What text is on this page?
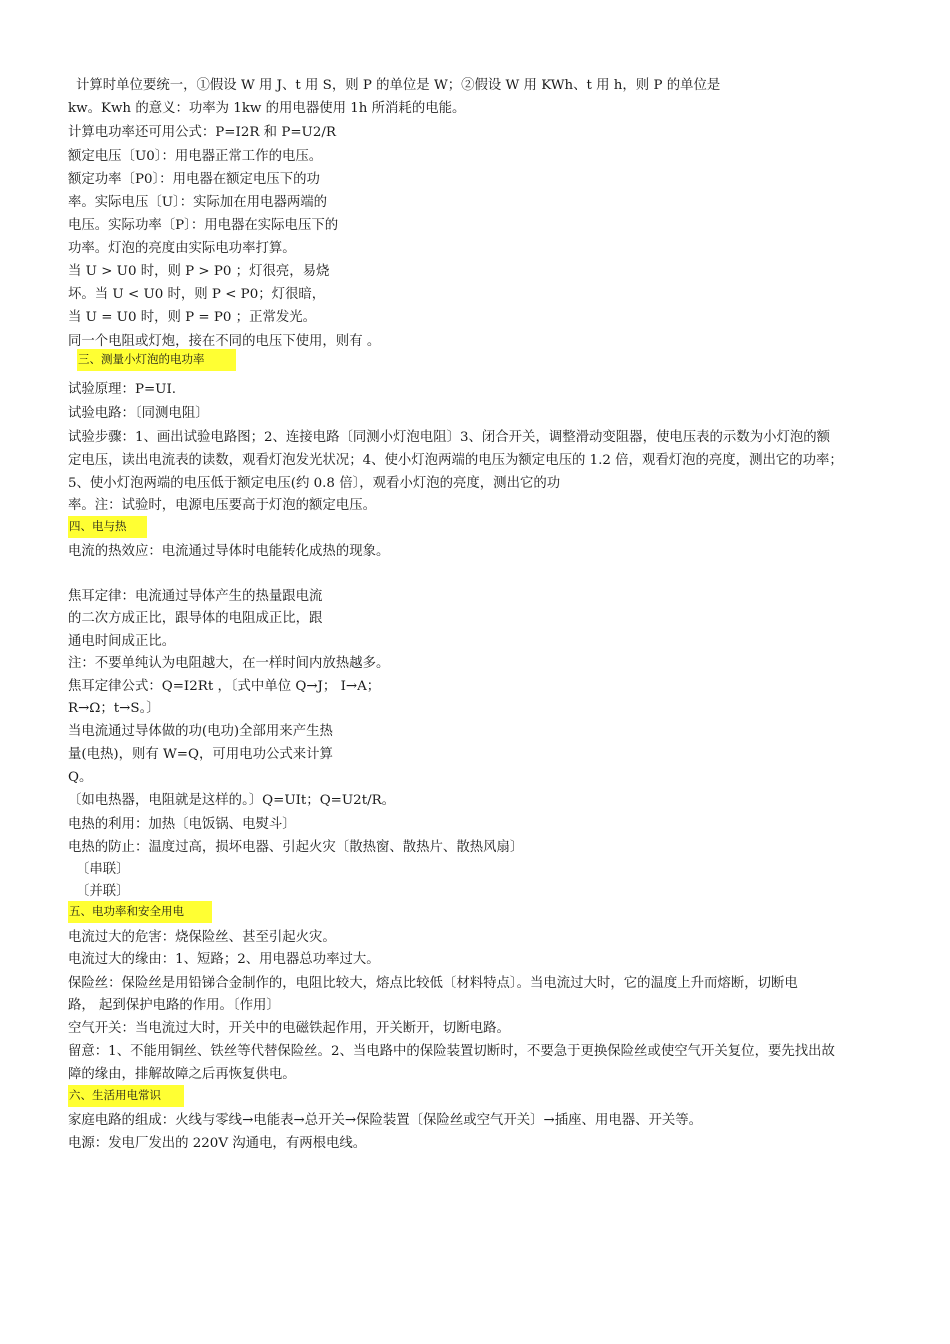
计算时单位要统一，①假设 W 用 J、t 用 S，则 P 的单位是 W；②假设 W 用 KWh、t 用 h，则 P 的单位是
kw。Kwh 的意义：功率为 1kw 的用电器使用 1h 所消耗的电能。
计算电功率还可用公式：P=I2R 和 P=U2/R
额定电压〔U0〕：用电器正常工作的电压。
额定功率〔P0〕：用电器在额定电压下的功
率。实际电压〔U〕：实际加在用电器两端的
电压。实际功率〔P〕：用电器在实际电压下的
功率。灯泡的亮度由实际电功率打算。
当 U > U0 时，则 P > P0 ；灯很亮，易烧
坏。当 U < U0 时，则 P < P0；灯很暗，
当 U = U0 时，则 P = P0 ；正常发光。
同一个电阻或灯炮，接在不同的电压下使用，则有 。
三、测量小灯泡的电功率
试验原理：P=UI.
试验电路：〔同测电阻〕
试验步骤：1、画出试验电路图；2、连接电路〔同测小灯泡电阻〕3、闭合开关，调整滑动变阻器，使电压表的示数为小灯泡的额
定电压，读出电流表的读数，观看灯泡发光状况；4、使小灯泡两端的电压为额定电压的 1.2 倍，观看灯泡的亮度，测出它的功率；
5、使小灯泡两端的电压低于额定电压(约 0.8 倍〕，观看小灯泡的亮度，测出它的功
率。注：试验时，电源电压要高于灯泡的额定电压。
四、电与热
电流的热效应：电流通过导体时电能转化成热的现象。
焦耳定律：电流通过导体产生的热量跟电流
的二次方成正比，跟导体的电阻成正比，跟
通电时间成正比。
注：不要单纯认为电阻越大，在一样时间内放热越多。
焦耳定律公式：Q=I2Rt ，〔式中单位 Q→J； I→A；
R→Ω；t→S。〕
当电流通过导体做的功(电功)全部用来产生热
量(电热)，则有 W=Q，可用电功公式来计算
Q。
〔如电热器，电阻就是这样的。〕Q=UIt；Q=U2t/R。
电热的利用：加热〔电饭锅、电熨斗〕
电热的防止：温度过高，损坏电器、引起火灾〔散热窗、散热片、散热风扇〕
〔串联〕
〔并联〕
五、电功率和安全用电
电流过大的危害：烧保险丝、甚至引起火灾。
电流过大的缘由：1、短路；2、用电器总功率过大。
保险丝：保险丝是用铅锑合金制作的，电阻比较大，熔点比较低〔材料特点〕。当电流过大时，它的温度上升而熔断，切断电
路， 起到保护电路的作用。〔作用〕
空气开关：当电流过大时，开关中的电磁铁起作用，开关断开，切断电路。
留意：1、不能用铜丝、铁丝等代替保险丝。2、当电路中的保险装置切断时，不要急于更换保险丝或使空气开关复位，要先找出故
障的缘由，排解故障之后再恢复供电。
六、生活用电常识
家庭电路的组成：火线与零线→电能表→总开关→保险装置〔保险丝或空气开关〕→插座、用电器、开关等。
电源：发电厂发出的 220V 沟通电，有两根电线。
